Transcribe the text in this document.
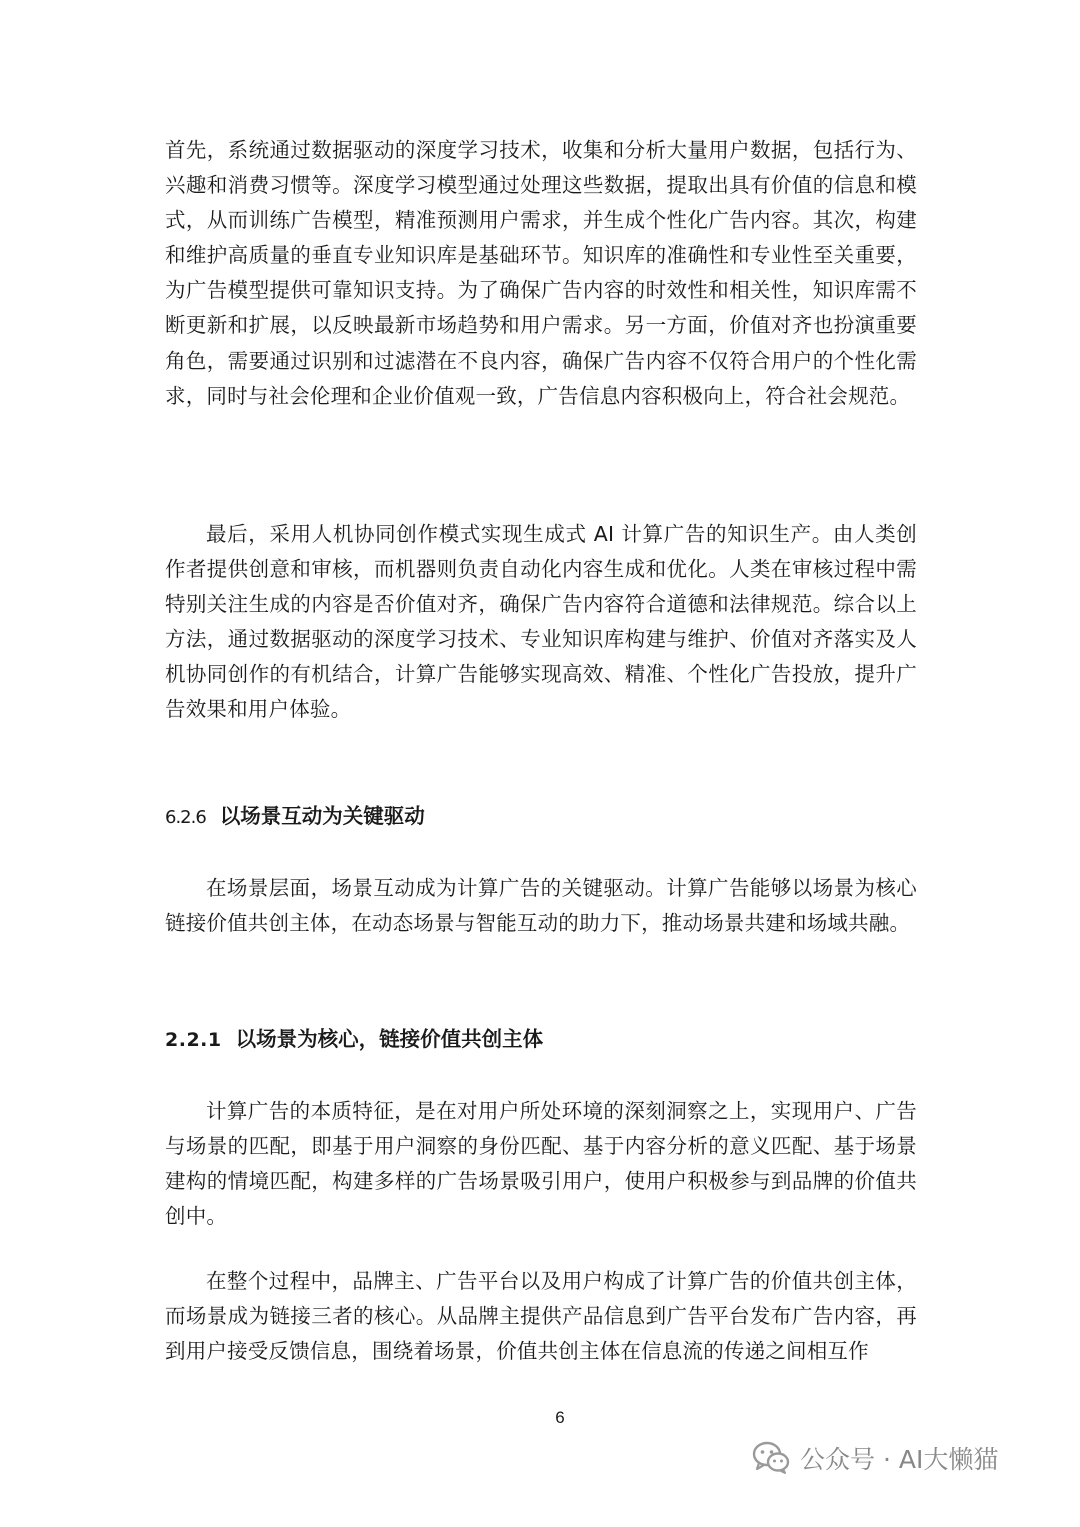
首先，系统通过数据驱动的深度学习技术，收集和分析大量用户数据，包括行为、兴趣和消费习惯等。深度学习模型通过处理这些数据，提取出具有价值的信息和模式，从而训练广告模型，精准预测用户需求，并生成个性化广告内容。其次，构建和维护高质量的垂直专业知识库是基础环节。知识库的准确性和专业性至关重要，为广告模型提供可靠知识支持。为了确保广告内容的时效性和相关性，知识库需不断更新和扩展，以反映最新市场趋势和用户需求。另一方面，价值对齐也扮演重要角色，需要通过识别和过滤潜在不良内容，确保广告内容不仅符合用户的个性化需求，同时与社会伦理和企业价值观一致，广告信息内容积极向上，符合社会规范。

最后，采用人机协同创作模式实现生成式 AI 计算广告的知识生产。由人类创作者提供创意和审核，而机器则负责自动化内容生成和优化。人类在审核过程中需特别关注生成的内容是否价值对齐，确保广告内容符合道德和法律规范。综合以上方法，通过数据驱动的深度学习技术、专业知识库构建与维护、价值对齐落实及人机协同创作的有机结合，计算广告能够实现高效、精准、个性化广告投放，提升广告效果和用户体验。

6.2.6 以场景互动为关键驱动

在场景层面，场景互动成为计算广告的关键驱动。计算广告能够以场景为核心链接价值共创主体，在动态场景与智能互动的助力下，推动场景共建和场域共融。

2.2.1 以场景为核心，链接价值共创主体

计算广告的本质特征，是在对用户所处环境的深刻洞察之上，实现用户、广告与场景的匹配，即基于用户洞察的身份匹配、基于内容分析的意义匹配、基于场景建构的情境匹配，构建多样的广告场景吸引用户，使用户积极参与到品牌的价值共创中。

在整个过程中，品牌主、广告平台以及用户构成了计算广告的价值共创主体，而场景成为链接三者的核心。从品牌主提供产品信息到广告平台发布广告内容，再到用户接受反馈信息，围绕着场景，价值共创主体在信息流的传递之间相互作

6
公众号 · AI大懒猫
